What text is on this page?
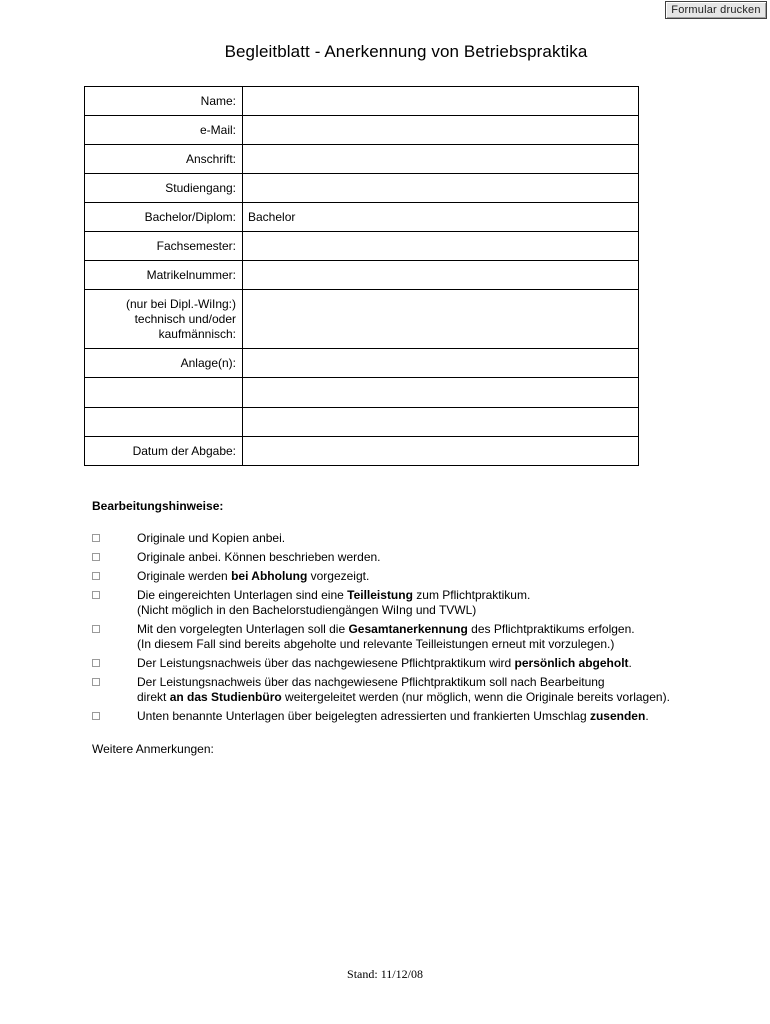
Formular drucken
Begleitblatt - Anerkennung von Betriebspraktika
Name:	
e-Mail:	
Anschrift:	
Studiengang:	
Bachelor/Diplom:	Bachelor

Fachsemester:	
Matrikelnummer:	

(nur bei Dipl.-WiIng:)
technisch und/oder
kaufmännisch:	

Anlage(n):	

Datum der Abgabe:	
Bearbeitungshinweise:
Originale und Kopien anbei.
Originale anbei. Können beschrieben werden.
Originale werden bei Abholung vorgezeigt.
Die eingereichten Unterlagen sind eine Teilleistung zum Pflichtpraktikum.
(Nicht möglich in den Bachelorstudiengängen WiIng und TVWL)
Mit den vorgelegten Unterlagen soll die Gesamtanerkennung des Pflichtpraktikums erfolgen.
(In diesem Fall sind bereits abgeholte und relevante Teilleistungen erneut mit vorzulegen.)
Der Leistungsnachweis über das nachgewiesene Pflichtpraktikum wird persönlich abgeholt.
Der Leistungsnachweis über das nachgewiesene Pflichtpraktikum soll nach Bearbeitung
direkt an das Studienbüro weitergeleitet werden (nur möglich, wenn die Originale bereits vorlagen).
Unten benannte Unterlagen über beigelegten adressierten und frankierten Umschlag zusenden.
Weitere Anmerkungen:
Stand: 11/12/08
